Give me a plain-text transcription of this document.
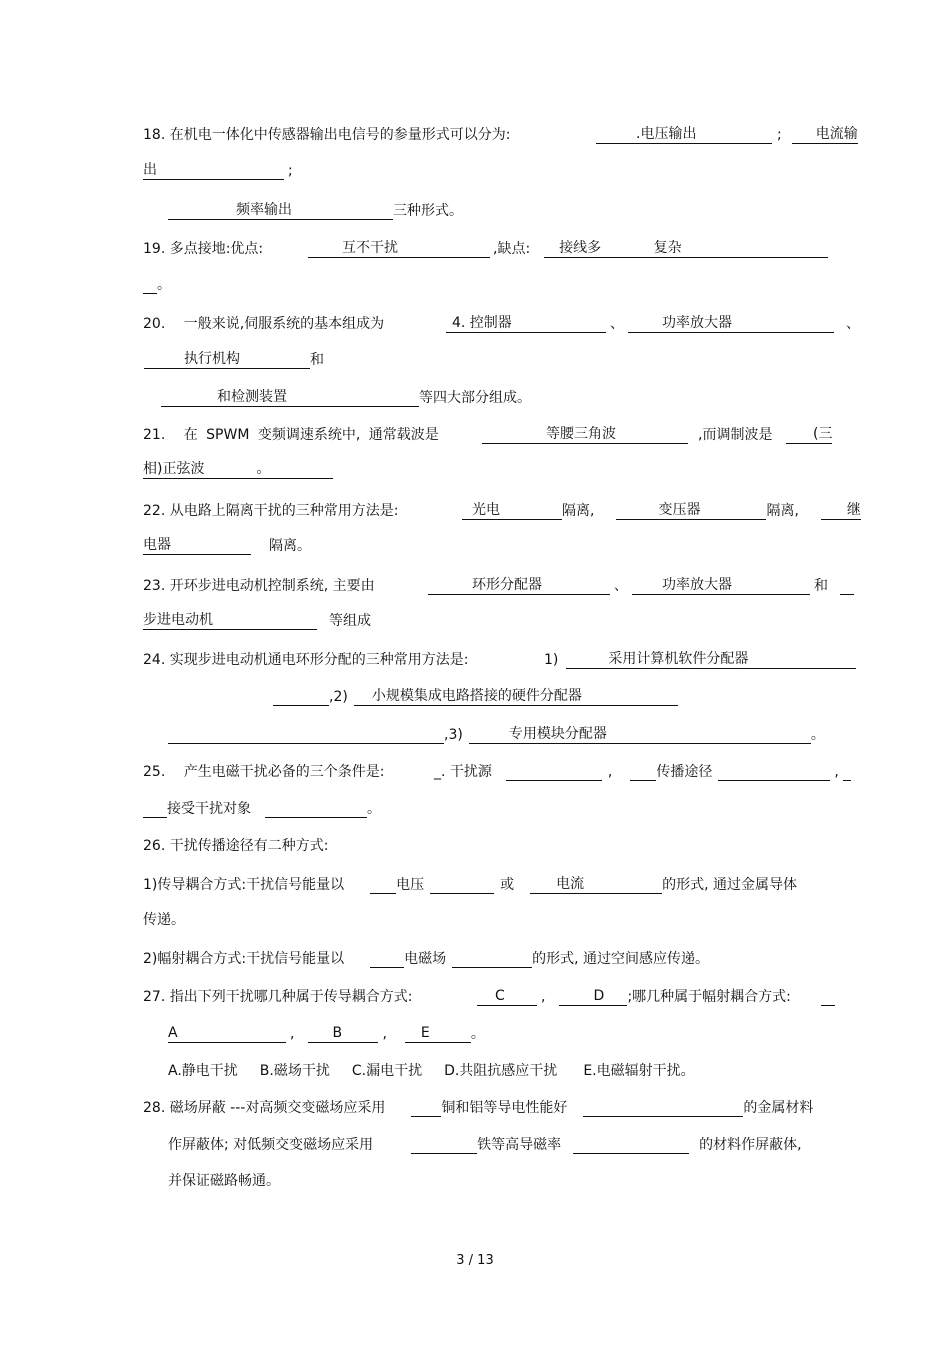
18. 在机电一体化中传感器输出电信号的参量形式可以分为:	.电压输出	; 电流输
出	;
频率输出	三种形式。
19. 多点接地:优点:	互不干扰	,缺点: 接线多 复杂
。
20. 一般来说,伺服系统的基本组成为	4. 控制器	、	功率放大器	、
执行机构	和
和检测装置	等四大部分组成。
21. 在 SPWM 变频调速系统中, 通常载波是	等腰三角波	,而调制波是	(三
相)正弦波	。
22. 从电路上隔离干扰的三种常用方法是:	光电	隔离,	变压器	隔离,	继
电器	隔离。
23. 开环步进电动机控制系统, 主要由	环形分配器	、 功率放大器	和
步进电动机	等组成
24. 实现步进电动机通电环形分配的三种常用方法是:	1)	采用计算机软件分配器
,2) 小规模集成电路搭接的硬件分配器
,3)	专用模块分配器	。
25. 产生电磁干扰必备的三个条件是:	_. 干扰源	,	传播途径	,
接受干扰对象	。
26. 干扰传播途径有二种方式:
1)传导耦合方式:干扰信号能量以	电压	或	电流	的形式, 通过金属导体
传递。
2)幅射耦合方式:干扰信号能量以	电磁场	的形式, 通过空间感应传递。
27. 指出下列干扰哪几种属于传导耦合方式:	C	,	D ;哪几种属于幅射耦合方式:
A	,	B	, E	。
A.静电干扰 B.磁场干扰 C.漏电干扰 D.共阻抗感应干扰 E.电磁辐射干扰。
28. 磁场屏蔽 ---对高频交变磁场应采用	铜和铝等导电性能好	的金属材料
作屏蔽体; 对低频交变磁场应采用	铁等高导磁率	的材料作屏蔽体,
并保证磁路畅通。
3 / 13
